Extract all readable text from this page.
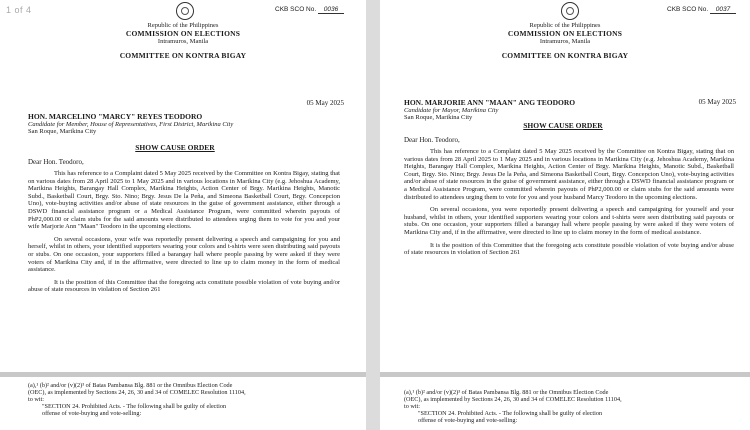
1 of 4	CKB SCO No. 0036
Republic of the Philippines
COMMISSION ON ELECTIONS
Intramuros, Manila
COMMITTEE ON KONTRA BIGAY
05 May 2025
HON. MARCELINO "MARCY" REYES TEODORO
Candidate for Member, House of Representatives, First District, Marikina City
San Roque, Marikina City
SHOW CAUSE ORDER
Dear Hon. Teodoro,

This has reference to a Complaint dated 5 May 2025 received by the Committee on Kontra Bigay, stating that on various dates from 28 April 2025 to 1 May 2025 and in various locations in Marikina City (e.g. Jehoshua Academy, Marikina Heights, Barangay Hall Complex, Marikina Heights, Action Center of Brgy. Marikina Heights, Manotic Subd., Basketball Court, Brgy. Sto. Nino; Brgy. Jesus De la Peña, and Simeona Basketball Court, Brgy. Concepcion Uno), vote-buying activities and/or abuse of state resources in the guise of government assistance, either through a DSWD financial assistance program or a Medical Assistance Program, were committed wherein payouts of PhP2,000.00 or claim stubs for the said amounts were distributed to attendees urging them to vote for you and your wife Marjorie Ann "Maan" Teodoro in the upcoming elections.

On several occasions, your wife was reportedly present delivering a speech and campaigning for you and herself, whilst in others, your identified supporters wearing your colors and t-shirts were seen distributing said payouts or stubs. On one occasion, your supporters filled a barangay hall where people passing by were asked if they were voters of Marikina City and, if in the affirmative, were directed to line up to claim money in the form of medical assistance.

It is the position of this Committee that the foregoing acts constitute possible violation of vote buying and/or abuse of state resources in violation of Section 261

(a),¹ (b)² and/or (v)(2)³ of Batas Pambansa Blg. 881 or the Omnibus Election Code
(OEC), as implemented by Sections 24, 26, 30 and 34 of COMELEC Resolution 11104,
to wit:
"SECTION 24. Prohibited Acts. - The following shall be guilty of election
offense of vote-buying and vote-selling:
CKB SCO No. 0037
Republic of the Philippines
COMMISSION ON ELECTIONS
Intramuros, Manila
COMMITTEE ON KONTRA BIGAY
05 May 2025
HON. MARJORIE ANN "MAAN" ANG TEODORO
Candidate for Mayor, Marikina City
San Roque, Marikina City
SHOW CAUSE ORDER
Dear Hon. Teodoro,

This has reference to a Complaint dated 5 May 2025 received by the Committee on Kontra Bigay, stating that on various dates from 28 April 2025 to 1 May 2025 and in various locations in Marikina City (e.g. Jehoshua Academy, Marikina Heights, Barangay Hall Complex, Marikina Heights, Action Center of Brgy. Marikina Heights, Manotic Subd., Basketball Court, Brgy. Sto. Nino; Brgy. Jesus De la Peña, and Simeona Basketball Court, Brgy. Concepcion Uno), vote-buying activities and/or abuse of state resources in the guise of government assistance, either through a DSWD financial assistance program or a Medical Assistance Program, were committed wherein payouts of PhP2,000.00 or claim stubs for the said amounts were distributed to attendees urging them to vote for you and your husband Marcy Teodoro in the upcoming elections.

On several occasions, you were reportedly present delivering a speech and campaigning for yourself and your husband, whilst in others, your identified supporters wearing your colors and t-shirts were seen distributing said payouts or stubs. On one occasion, your supporters filled a barangay hall where people passing by were asked if they were voters of Marikina City and, if in the affirmative, were directed to line up to claim money in the form of medical assistance.

It is the position of this Committee that the foregoing acts constitute possible violation of vote buying and/or abuse of state resources in violation of Section 261

(a),¹ (b)² and/or (v)(2)³ of Batas Pambansa Blg. 881 or the Omnibus Election Code
(OEC), as implemented by Sections 24, 26, 30 and 34 of COMELEC Resolution 11104,
to wit:
"SECTION 24. Prohibited Acts. - The following shall be guilty of election
offense of vote-buying and vote-selling:
